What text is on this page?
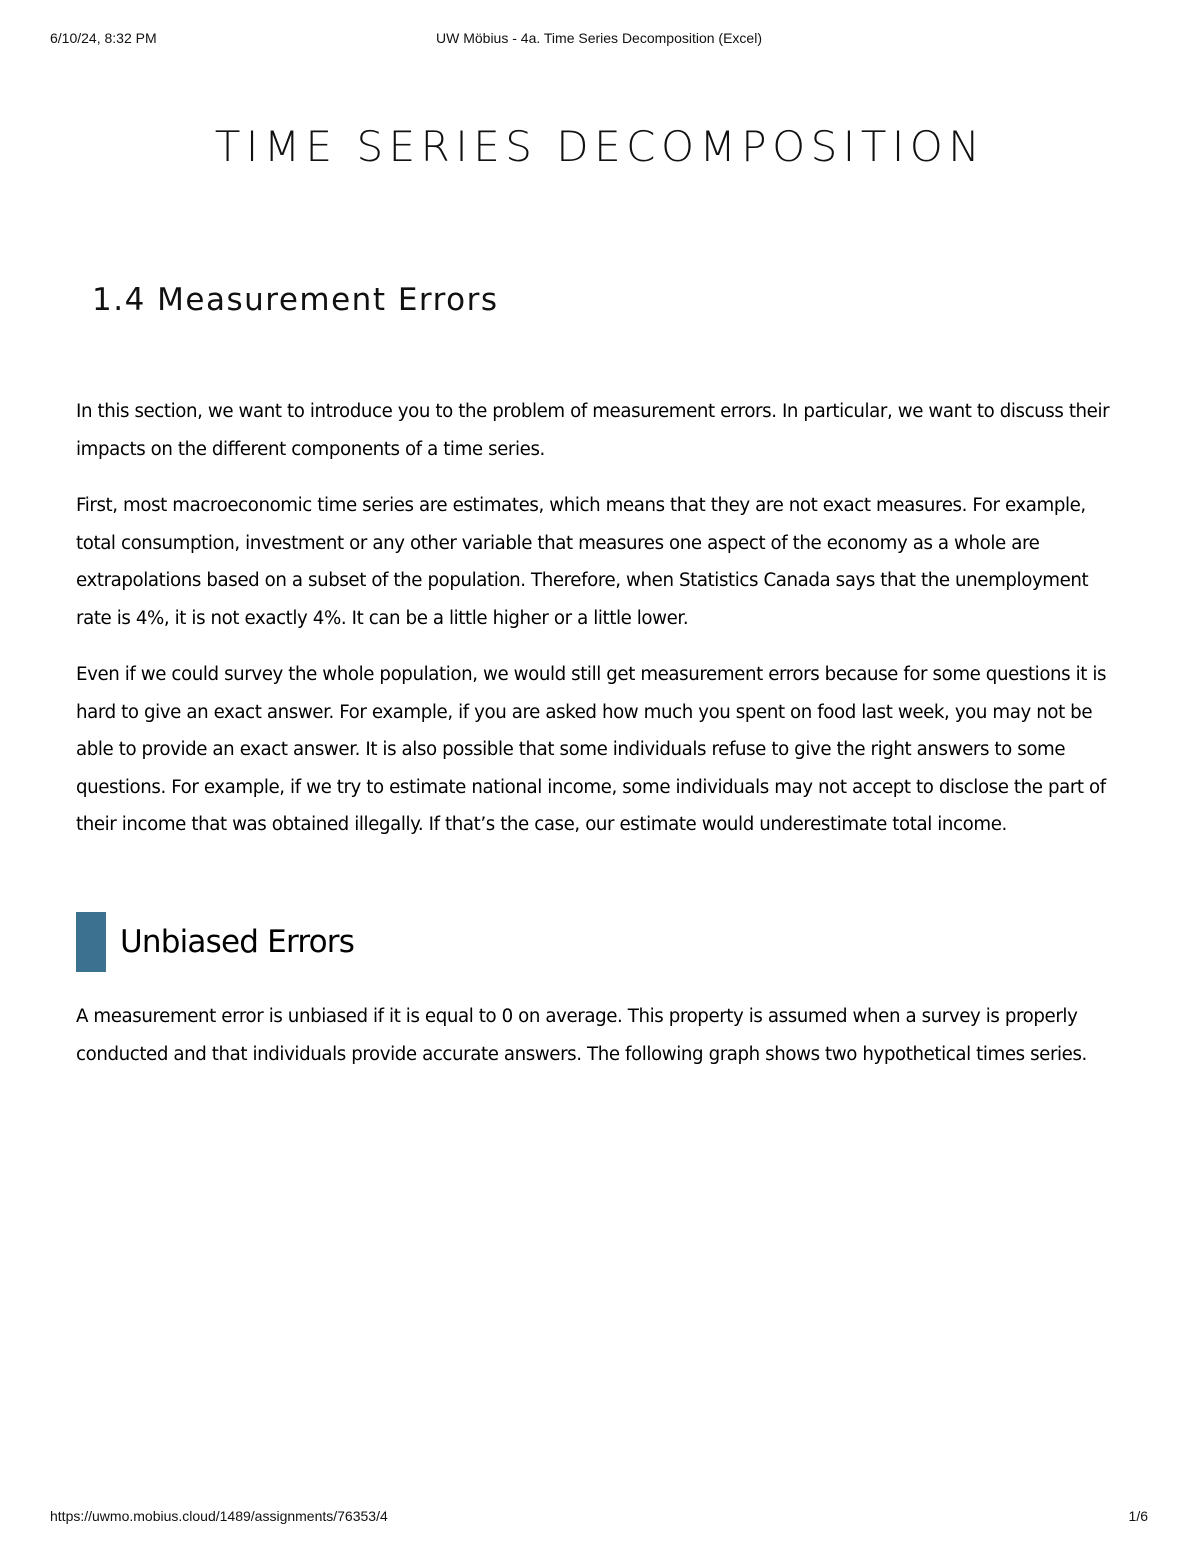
6/10/24, 8:32 PM	UW Möbius - 4a. Time Series Decomposition (Excel)
TIME SERIES DECOMPOSITION
1.4 Measurement Errors

In this section, we want to introduce you to the problem of measurement errors. In particular, we want to discuss their impacts on the different components of a time series.

First, most macroeconomic time series are estimates, which means that they are not exact measures. For example, total consumption, investment or any other variable that measures one aspect of the economy as a whole are extrapolations based on a subset of the population. Therefore, when Statistics Canada says that the unemployment rate is 4%, it is not exactly 4%. It can be a little higher or a little lower.

Even if we could survey the whole population, we would still get measurement errors because for some questions it is hard to give an exact answer. For example, if you are asked how much you spent on food last week, you may not be able to provide an exact answer. It is also possible that some individuals refuse to give the right answers to some questions. For example, if we try to estimate national income, some individuals may not accept to disclose the part of their income that was obtained illegally. If that’s the case, our estimate would underestimate total income.

Unbiased Errors

A measurement error is unbiased if it is equal to 0 on average. This property is assumed when a survey is properly conducted and that individuals provide accurate answers. The following graph shows two hypothetical times series.

https://uwmo.mobius.cloud/1489/assignments/76353/4	1/6
